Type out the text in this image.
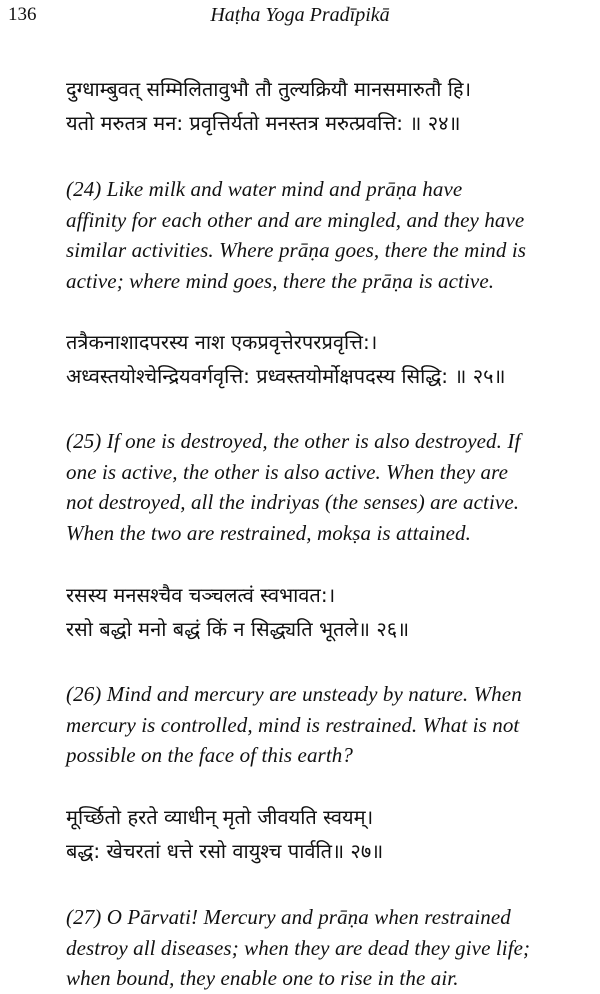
136	Haṭha Yoga Pradīpikā
दुग्धाम्बुवत् सम्मिलितावुभौ तौ तुल्यक्रियौ मानसमारुतौ हि।
यतो मरुतत्र मन: प्रवृत्तिर्यतो मनस्तत्र मरुत्प्रवत्ति: ॥ २४॥
(24) Like milk and water mind and prāṇa have
affinity for each other and are mingled, and they have
similar activities. Where prāṇa goes, there the mind is
active; where mind goes, there the prāṇa is active.
तत्रैकनाशादपरस्य नाश एकप्रवृत्तेरपरप्रवृत्ति:।
अध्वस्तयोश्चेन्द्रियवर्गवृत्ति: प्रध्वस्तयोर्मोक्षपदस्य सिद्धि: ॥ २५॥
(25) If one is destroyed, the other is also destroyed. If
one is active, the other is also active. When they are
not destroyed, all the indriyas (the senses) are active.
When the two are restrained, mokṣa is attained.
रसस्य मनसश्चैव चञ्चलत्वं स्वभावत:।
रसो बद्धो मनो बद्धं किं न सिद्ध्यति भूतले॥ २६॥
(26) Mind and mercury are unsteady by nature. When
mercury is controlled, mind is restrained. What is not
possible on the face of this earth?
मूर्च्छितो हरते व्याधीन् मृतो जीवयति स्वयम्।
बद्ध: खेचरतां धत्ते रसो वायुश्च पार्वति॥ २७॥
(27) O Pārvati! Mercury and prāṇa when restrained
destroy all diseases; when they are dead they give life;
when bound, they enable one to rise in the air.
